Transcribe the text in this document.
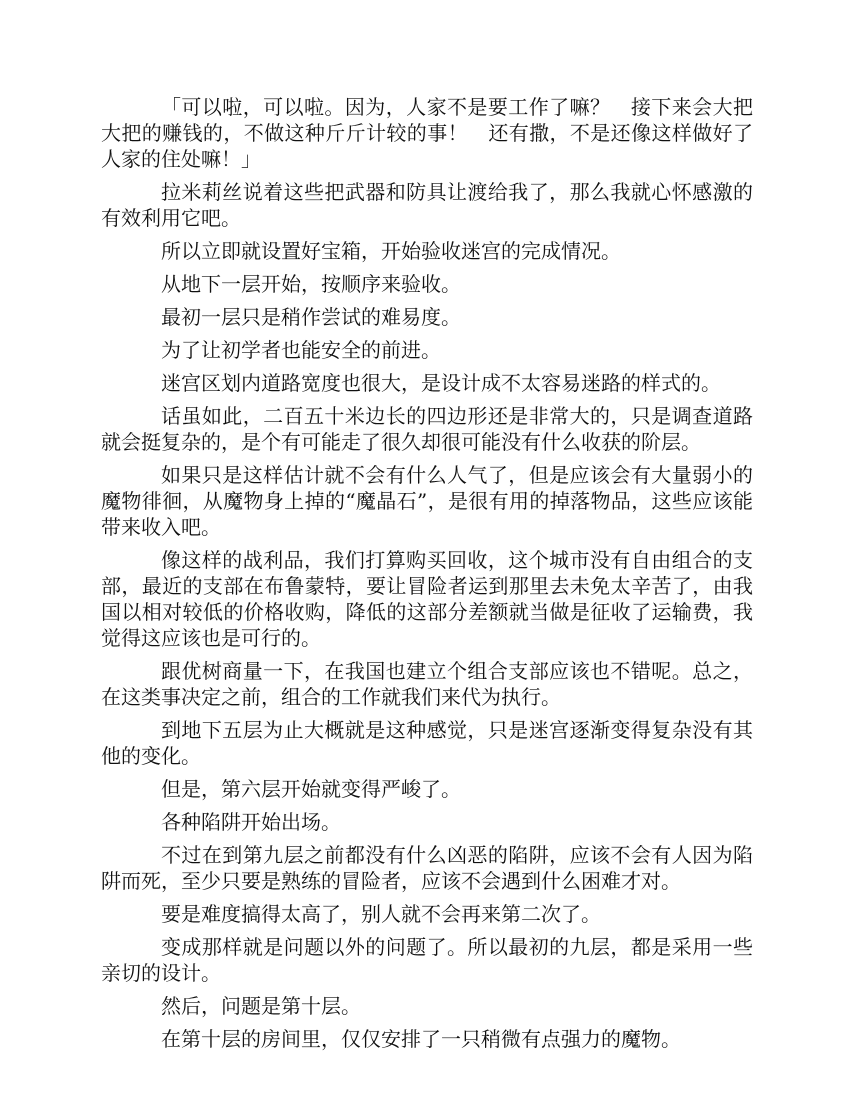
「可以啦，可以啦。因为，人家不是要工作了嘛？　接下来会大把大把的赚钱的，不做这种斤斤计较的事！　还有撒，不是还像这样做好了人家的住处嘛！」

拉米莉丝说着这些把武器和防具让渡给我了，那么我就心怀感激的有效利用它吧。

所以立即就设置好宝箱，开始验收迷宫的完成情况。

从地下一层开始，按顺序来验收。

最初一层只是稍作尝试的难易度。

为了让初学者也能安全的前进。

迷宫区划内道路宽度也很大，是设计成不太容易迷路的样式的。

话虽如此，二百五十米边长的四边形还是非常大的，只是调查道路就会挺复杂的，是个有可能走了很久却很可能没有什么收获的阶层。

如果只是这样估计就不会有什么人气了，但是应该会有大量弱小的魔物徘徊，从魔物身上掉的“魔晶石”，是很有用的掉落物品，这些应该能带来收入吧。

像这样的战利品，我们打算购买回收，这个城市没有自由组合的支部，最近的支部在布鲁蒙特，要让冒险者运到那里去未免太辛苦了，由我国以相对较低的价格收购，降低的这部分差额就当做是征收了运输费，我觉得这应该也是可行的。

跟优树商量一下，在我国也建立个组合支部应该也不错呢。总之，在这类事决定之前，组合的工作就我们来代为执行。

到地下五层为止大概就是这种感觉，只是迷宫逐渐变得复杂没有其他的变化。

但是，第六层开始就变得严峻了。

各种陷阱开始出场。

不过在到第九层之前都没有什么凶恶的陷阱，应该不会有人因为陷阱而死，至少只要是熟练的冒险者，应该不会遇到什么困难才对。

要是难度搞得太高了，别人就不会再来第二次了。

变成那样就是问题以外的问题了。所以最初的九层，都是采用一些亲切的设计。

然后，问题是第十层。

在第十层的房间里，仅仅安排了一只稍微有点强力的魔物。
